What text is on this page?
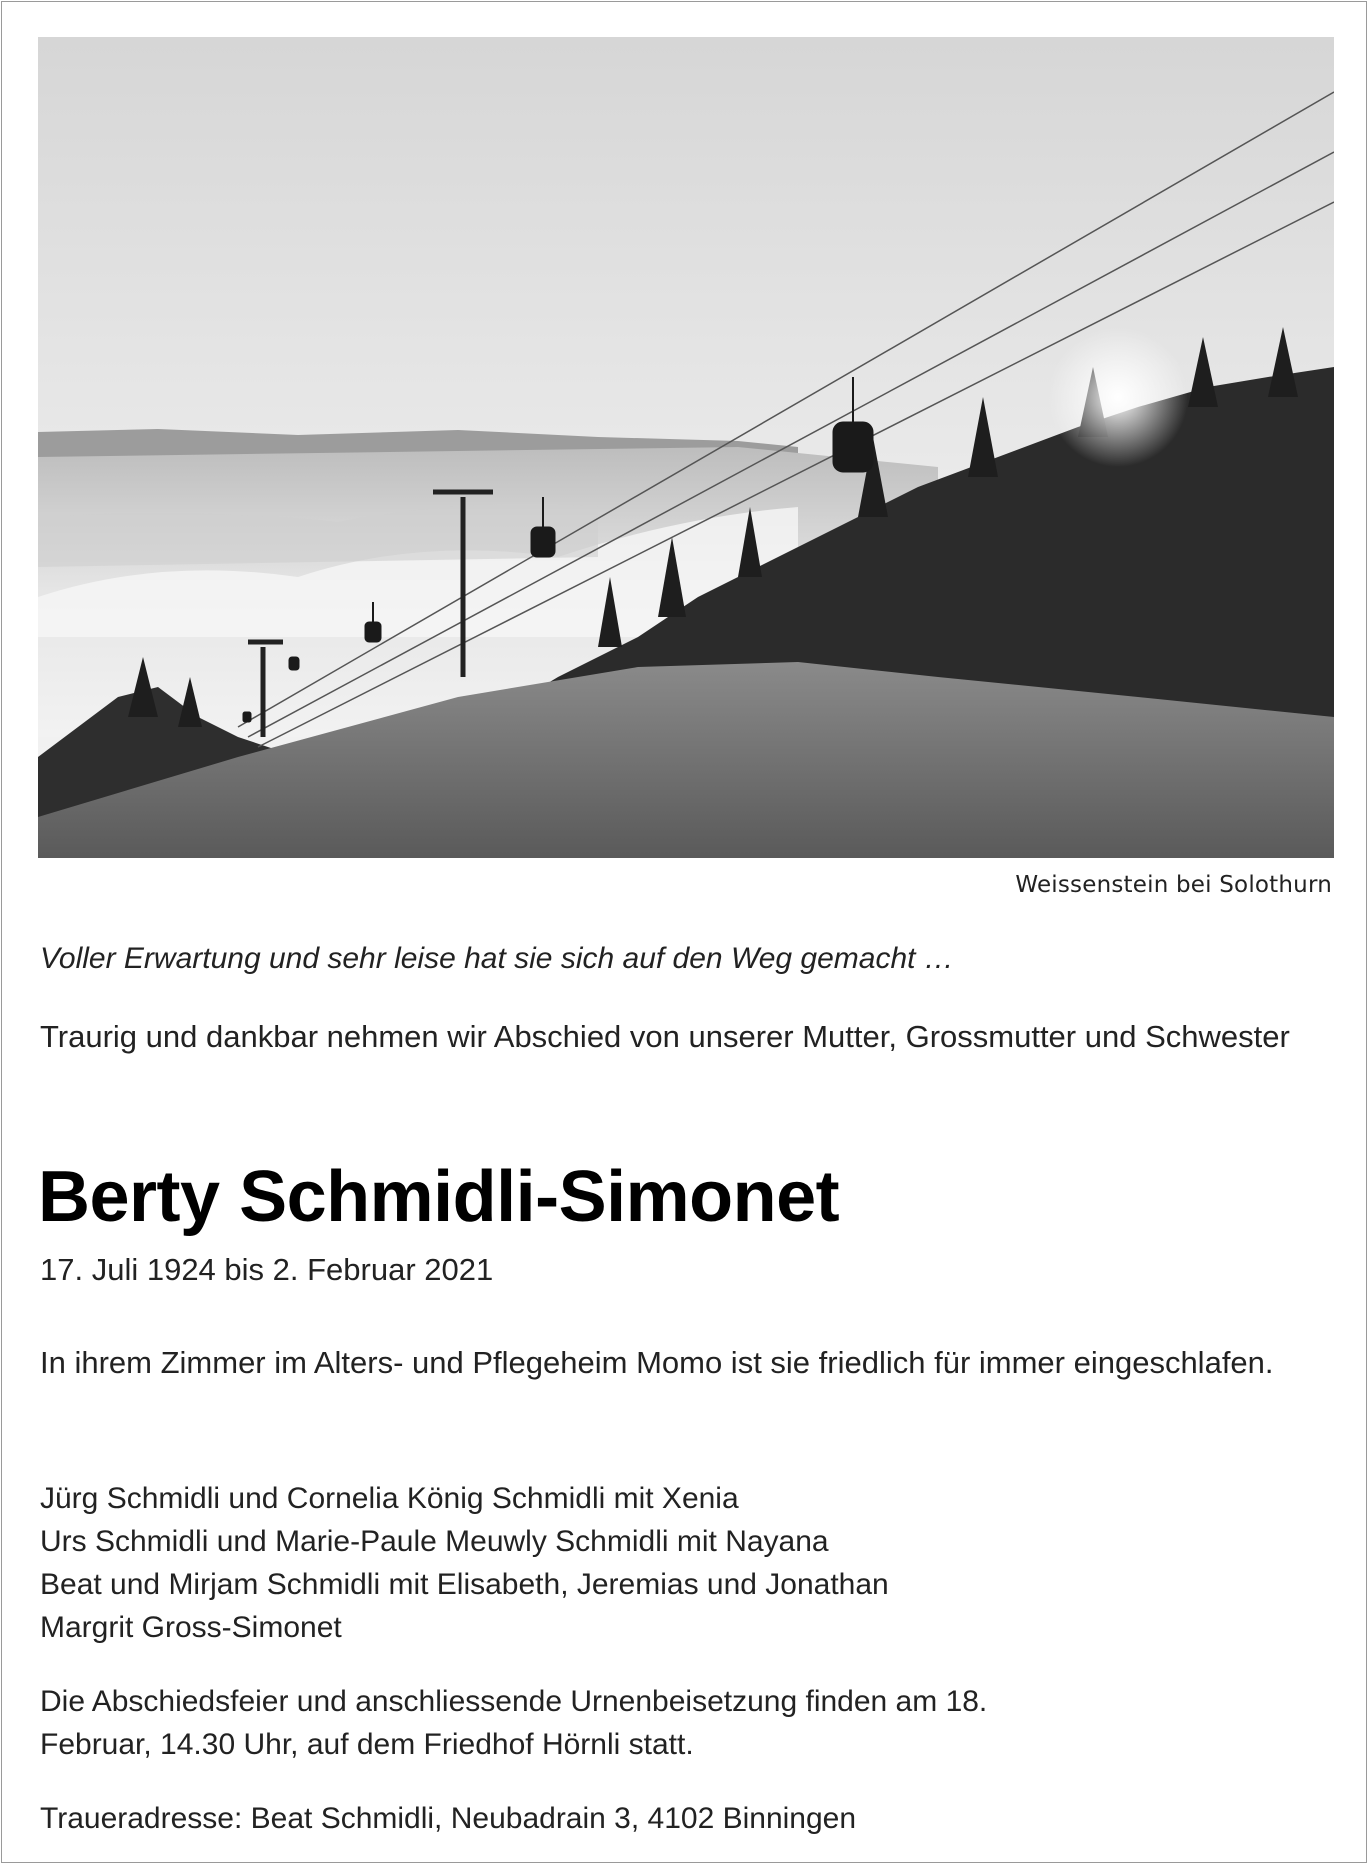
Weissenstein bei Solothurn
Voller Erwartung und sehr leise hat sie sich auf den Weg gemacht …

Traurig und dankbar nehmen wir Abschied von unserer Mutter, Grossmutter und Schwester

Berty Schmidli-Simonet
17. Juli 1924 bis 2. Februar 2021

In ihrem Zimmer im Alters- und Pflegeheim Momo ist sie friedlich für immer eingeschlafen.

Jürg Schmidli und Cornelia König Schmidli mit Xenia
Urs Schmidli und Marie-Paule Meuwly Schmidli mit Nayana
Beat und Mirjam Schmidli mit Elisabeth, Jeremias und Jonathan
Margrit Gross-Simonet

Die Abschiedsfeier und anschliessende Urnenbeisetzung finden am 18. Februar, 14.30 Uhr, auf dem Friedhof Hörnli statt.

Traueradresse: Beat Schmidli, Neubadrain 3, 4102 Binningen
